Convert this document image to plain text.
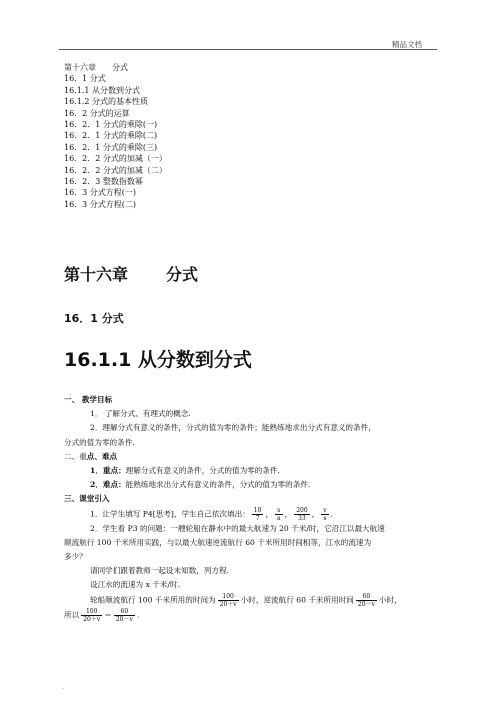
精品文档
第十六章　　分式
16．1 分式
16.1.1 从分数到分式
16.1.2 分式的基本性质
16．2 分式的运算
16．2．1 分式的乘除(一)
16．2．1 分式的乘除(二)
16．2．1 分式的乘除(三)
16．2．2 分式的加减（一）
16．2．2 分式的加减（二）
16．2．3 整数指数幂
16．3 分式方程(一)
16．3 分式方程(二)
第十六章 分式
16．1 分式
16.1.1 从分数到分式
一、 教学目标
1． 了解分式、有理式的概念.
2．理解分式有意义的条件，分式的值为零的条件；能熟练地求出分式有意义的条件，
分式的值为零的条件.
二、重点、难点
1．重点：理解分式有意义的条件，分式的值为零的条件.
2．难点：能熟练地求出分式有意义的条件，分式的值为零的条件.
三、课堂引入
1．让学生填写 P4[思考]，学生自己依次填出： $\frac{10}{7}$ ， $\frac{s}{a}$ ， $\frac{200}{33}$ ， $\frac{v}{s}$ .
2．学生看 P3 的问题：一艘轮船在静水中的最大航速为 20 千米/时，它沿江以最大航速
顺流航行 100 千米所用实践，与以最大航速逆流航行 60 千米所用时间相等，江水的流速为
多少？
请同学们跟着教师一起设未知数，列方程.
设江水的流速为 x 千米/时.
轮船顺流航行 100 千米所用的时间为 $\frac{100}{20+v}$ 小时，逆流航行 60 千米所用时间 $\frac{60}{20-v}$ 小时，
所以 $\frac{100}{20+v} = \frac{60}{20-v}$ .
.
